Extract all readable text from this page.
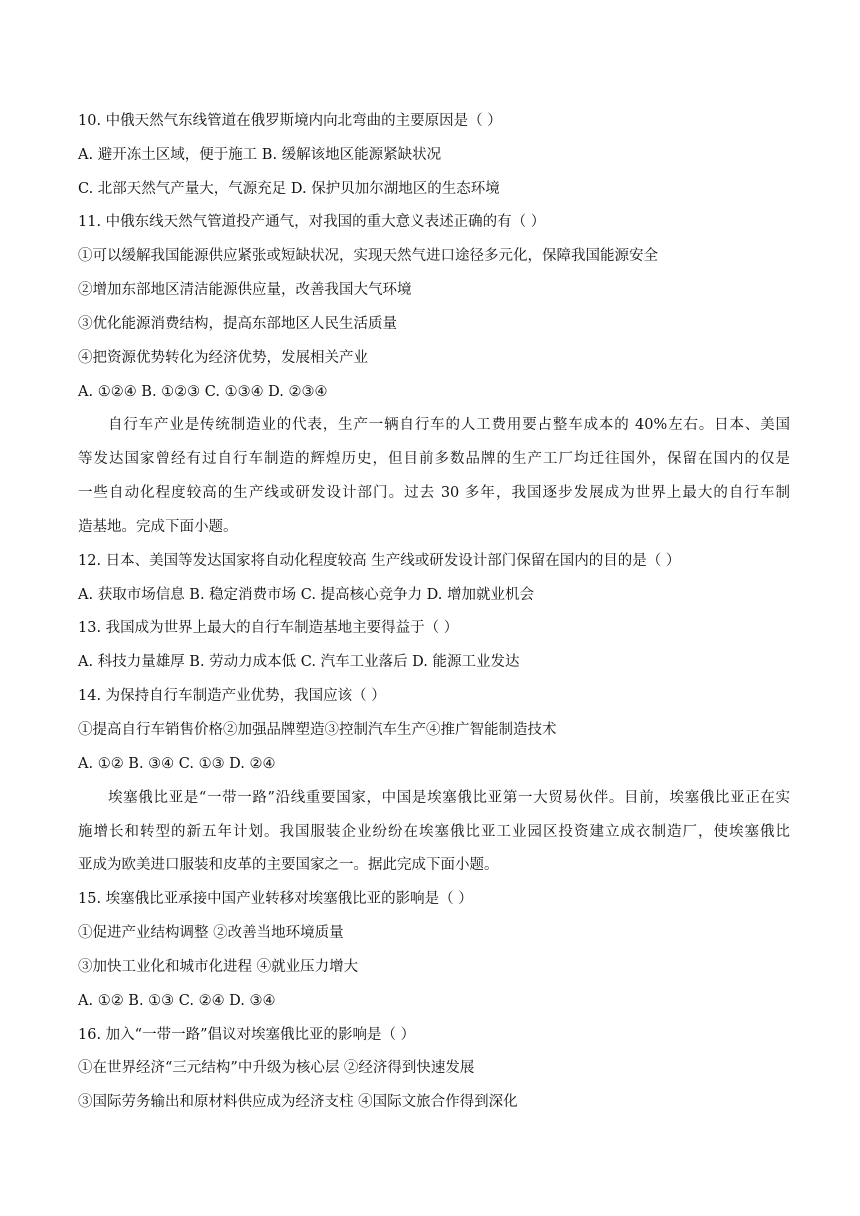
10. 中俄天然气东线管道在俄罗斯境内向北弯曲的主要原因是（ ）
A. 避开冻土区域，便于施工 B. 缓解该地区能源紧缺状况
C. 北部天然气产量大，气源充足 D. 保护贝加尔湖地区的生态环境
11. 中俄东线天然气管道投产通气，对我国的重大意义表述正确的有（ ）
①可以缓解我国能源供应紧张或短缺状况，实现天然气进口途径多元化，保障我国能源安全
②增加东部地区清洁能源供应量，改善我国大气环境
③优化能源消费结构，提高东部地区人民生活质量
④把资源优势转化为经济优势，发展相关产业
A. ①②④ B. ①②③ C. ①③④ D. ②③④
自行车产业是传统制造业的代表，生产一辆自行车的人工费用要占整车成本的 40%左右。日本、美国
等发达国家曾经有过自行车制造的辉煌历史，但目前多数品牌的生产工厂均迁往国外，保留在国内的仅是
一些自动化程度较高的生产线或研发设计部门。过去 30 多年，我国逐步发展成为世界上最大的自行车制
造基地。完成下面小题。
12. 日本、美国等发达国家将自动化程度较高 生产线或研发设计部门保留在国内的目的是（ ）
A. 获取市场信息 B. 稳定消费市场 C. 提高核心竞争力 D. 增加就业机会
13. 我国成为世界上最大的自行车制造基地主要得益于（ ）
A. 科技力量雄厚 B. 劳动力成本低 C. 汽车工业落后 D. 能源工业发达
14. 为保持自行车制造产业优势，我国应该（ ）
①提高自行车销售价格②加强品牌塑造③控制汽车生产④推广智能制造技术
A. ①② B. ③④ C. ①③ D. ②④
埃塞俄比亚是“一带一路”沿线重要国家，中国是埃塞俄比亚第一大贸易伙伴。目前，埃塞俄比亚正在实
施增长和转型的新五年计划。我国服装企业纷纷在埃塞俄比亚工业园区投资建立成衣制造厂，使埃塞俄比
亚成为欧美进口服装和皮革的主要国家之一。据此完成下面小题。
15. 埃塞俄比亚承接中国产业转移对埃塞俄比亚的影响是（ ）
①促进产业结构调整 ②改善当地环境质量
③加快工业化和城市化进程 ④就业压力增大
A. ①② B. ①③ C. ②④ D. ③④
16. 加入“一带一路”倡议对埃塞俄比亚的影响是（ ）
①在世界经济“三元结构”中升级为核心层 ②经济得到快速发展
③国际劳务输出和原材料供应成为经济支柱 ④国际文旅合作得到深化
